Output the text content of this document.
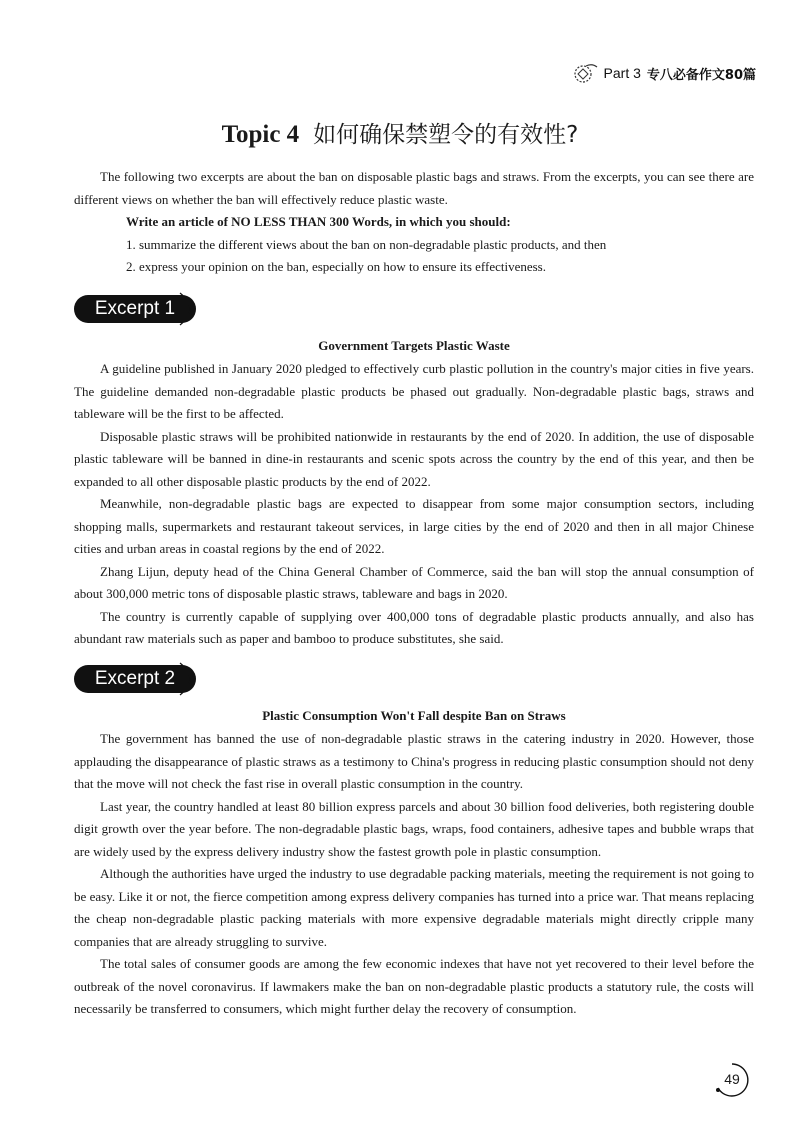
Part 3 专八必备作文80篇
Topic 4 如何确保禁塑令的有效性?

The following two excerpts are about the ban on disposable plastic bags and straws. From the excerpts, you can see there are different views on whether the ban will effectively reduce plastic waste.

Write an article of NO LESS THAN 300 Words, in which you should:

1. summarize the different views about the ban on non-degradable plastic products, and then

2. express your opinion on the ban, especially on how to ensure its effectiveness.

Excerpt 1
Government Targets Plastic Waste

A guideline published in January 2020 pledged to effectively curb plastic pollution in the country's major cities in five years. The guideline demanded non-degradable plastic products be phased out gradually. Non-degradable plastic bags, straws and tableware will be the first to be affected.

Disposable plastic straws will be prohibited nationwide in restaurants by the end of 2020. In addition, the use of disposable plastic tableware will be banned in dine-in restaurants and scenic spots across the country by the end of this year, and then be expanded to all other disposable plastic products by the end of 2022.

Meanwhile, non-degradable plastic bags are expected to disappear from some major consumption sectors, including shopping malls, supermarkets and restaurant takeout services, in large cities by the end of 2020 and then in all major Chinese cities and urban areas in coastal regions by the end of 2022.

Zhang Lijun, deputy head of the China General Chamber of Commerce, said the ban will stop the annual consumption of about 300,000 metric tons of disposable plastic straws, tableware and bags in 2020.

The country is currently capable of supplying over 400,000 tons of degradable plastic products annually, and also has abundant raw materials such as paper and bamboo to produce substitutes, she said.

Excerpt 2
Plastic Consumption Won't Fall despite Ban on Straws

The government has banned the use of non-degradable plastic straws in the catering industry in 2020. However, those applauding the disappearance of plastic straws as a testimony to China's progress in reducing plastic consumption should not deny that the move will not check the fast rise in overall plastic consumption in the country.

Last year, the country handled at least 80 billion express parcels and about 30 billion food deliveries, both registering double digit growth over the year before. The non-degradable plastic bags, wraps, food containers, adhesive tapes and bubble wraps that are widely used by the express delivery industry show the fastest growth pole in plastic consumption.

Although the authorities have urged the industry to use degradable packing materials, meeting the requirement is not going to be easy. Like it or not, the fierce competition among express delivery companies has turned into a price war. That means replacing the cheap non-degradable plastic packing materials with more expensive degradable materials might directly cripple many companies that are already struggling to survive.

The total sales of consumer goods are among the few economic indexes that have not yet recovered to their level before the outbreak of the novel coronavirus. If lawmakers make the ban on non-degradable plastic products a statutory rule, the costs will necessarily be transferred to consumers, which might further delay the recovery of consumption.

49
